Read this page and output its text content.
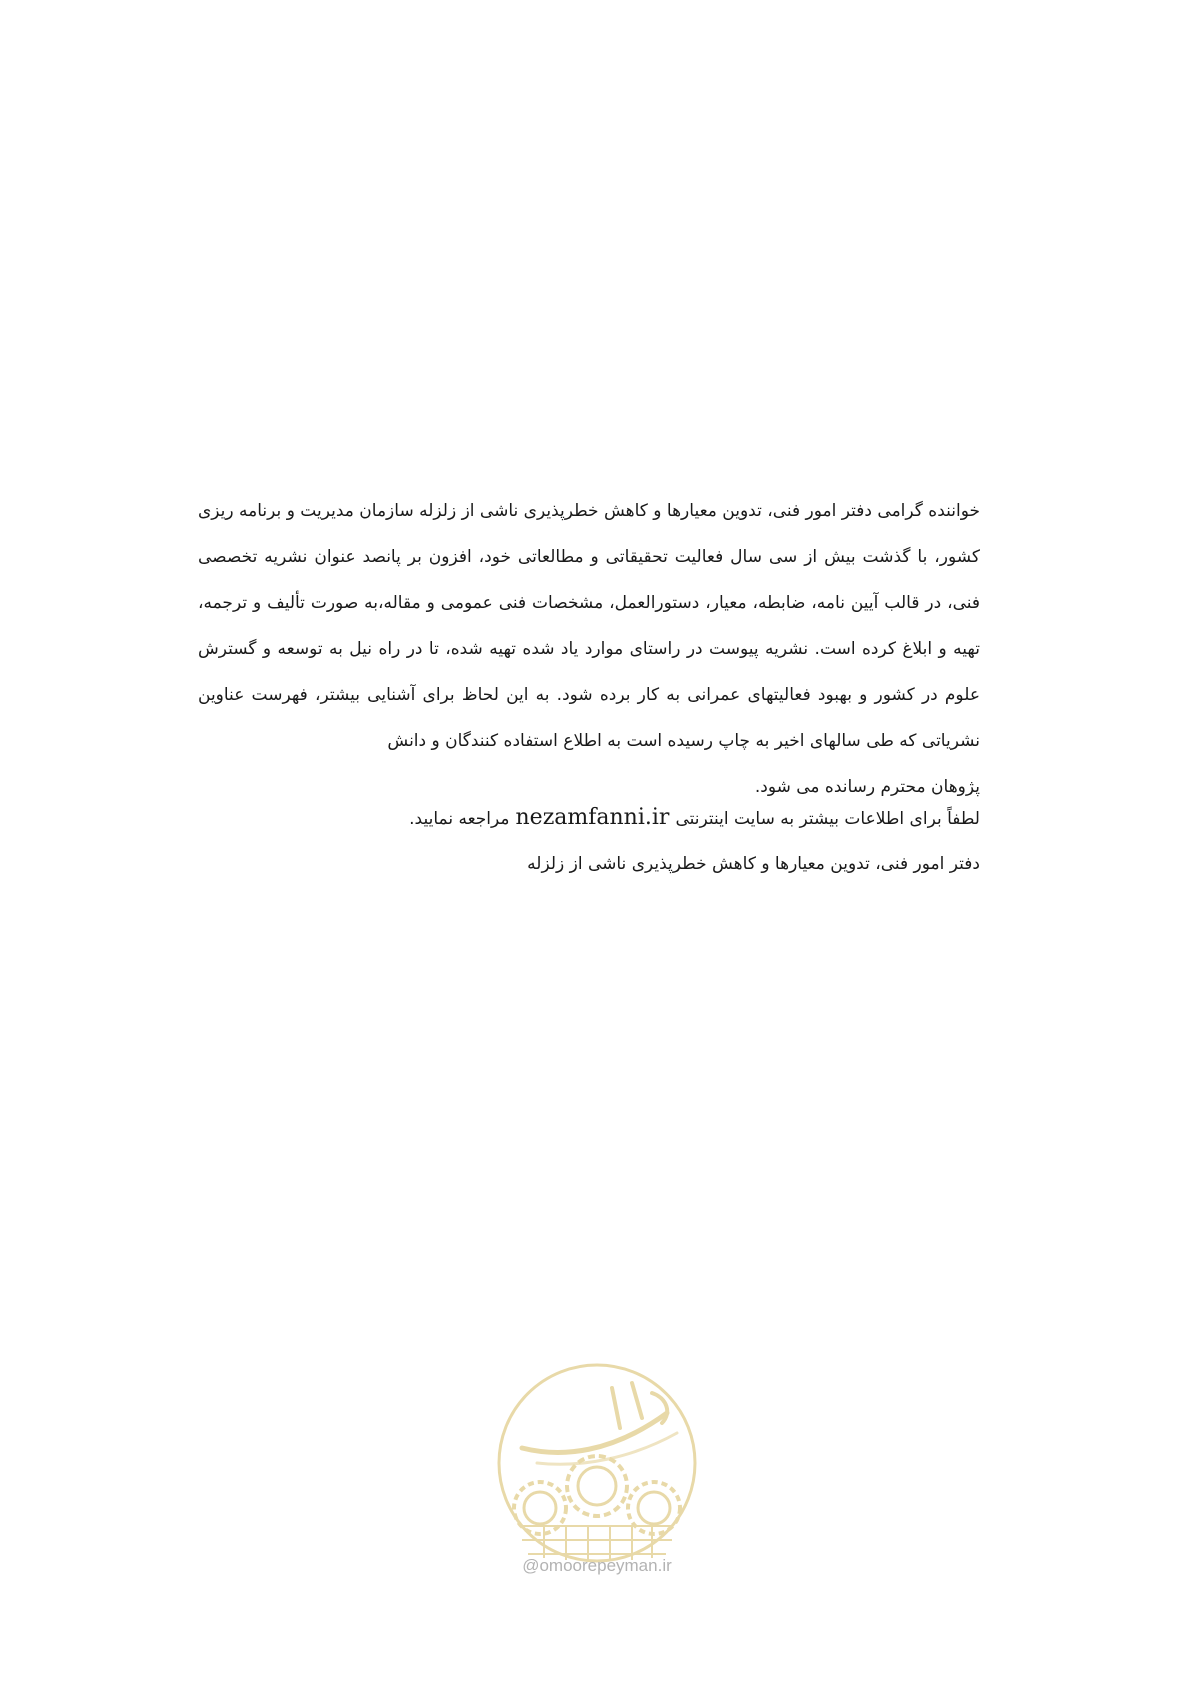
خواننده گرامی دفتر امور فنی، تدوین معیارها و کاهش خطرپذیری ناشی از زلزله سازمان مدیریت و برنامه ریزی کشور، با گذشت بیش از سی سال فعالیت تحقیقاتی و مطالعاتی خود، افزون بر پانصد عنوان نشریه تخصصی فنی، در قالب آیین نامه، ضابطه، معیار، دستورالعمل، مشخصات فنی عمومی و مقاله،به صورت تألیف و ترجمه، تهیه و ابلاغ کرده است. نشریه پیوست در راستای موارد یاد شده تهیه شده، تا در راه نیل به توسعه و گسترش علوم در کشور و بهبود فعالیتهای عمرانی به کار برده شود. به این لحاظ برای آشنایی بیشتر، فهرست عناوین نشریاتی که طی سالهای اخیر به چاپ رسیده است به اطلاع استفاده کنندگان و دانش
پژوهان محترم رسانده می شود.

لطفاً برای اطلاعات بیشتر به سایت اینترنتیnezamfanni.irمراجعه نمایید.

دفتر امور فنی، تدوین معیارها و کاهش خطرپذیری ناشی از زلزله

@omoorepeyman.ir
